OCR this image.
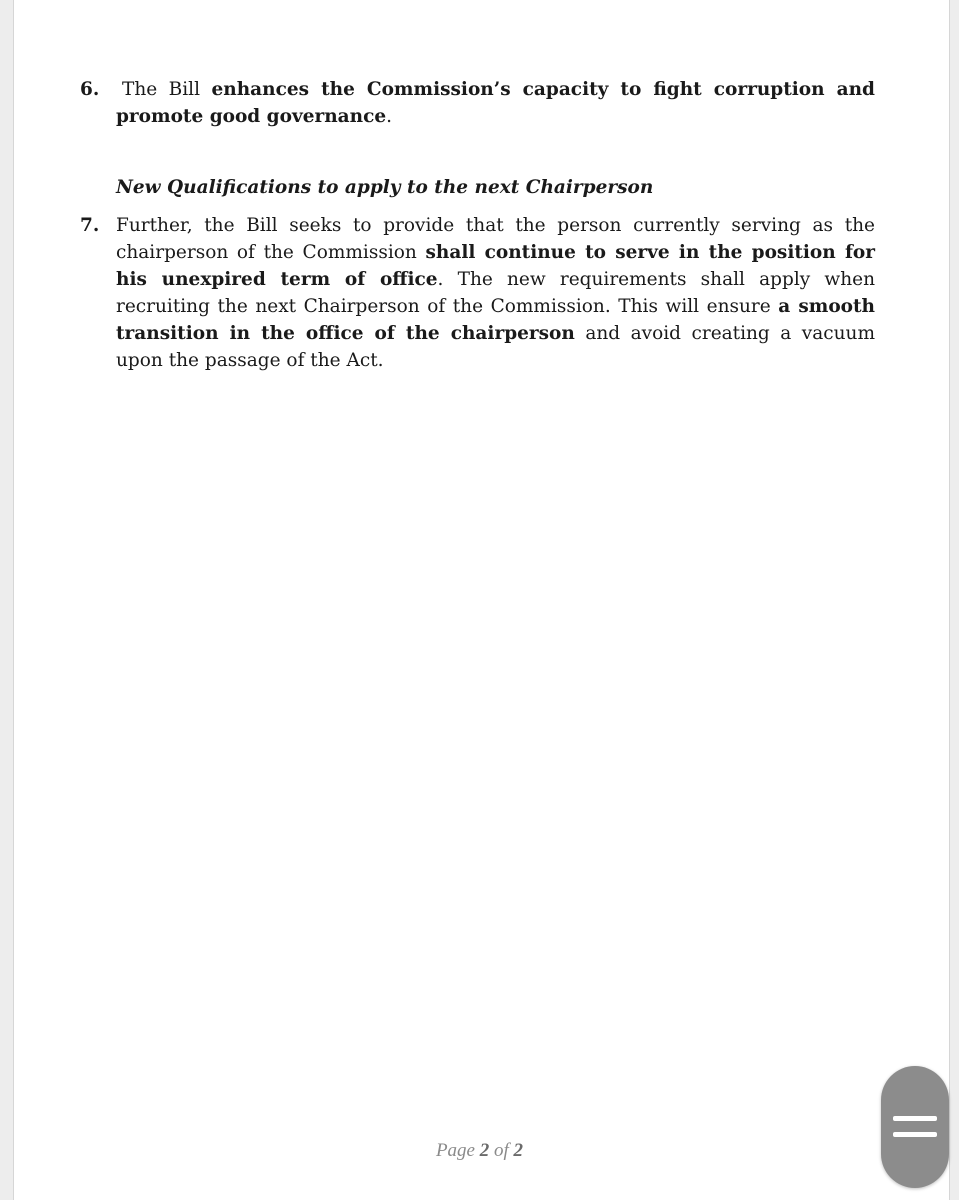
6.	The Bill enhances the Commission’s capacity to fight corruption and promote good governance.

New Qualifications to apply to the next Chairperson

7. Further, the Bill seeks to provide that the person currently serving as the chairperson of the Commission shall continue to serve in the position for his unexpired term of office. The new requirements shall apply when recruiting the next Chairperson of the Commission. This will ensure a smooth transition in the office of the chairperson and avoid creating a vacuum upon the passage of the Act.

Page 2 of 2
